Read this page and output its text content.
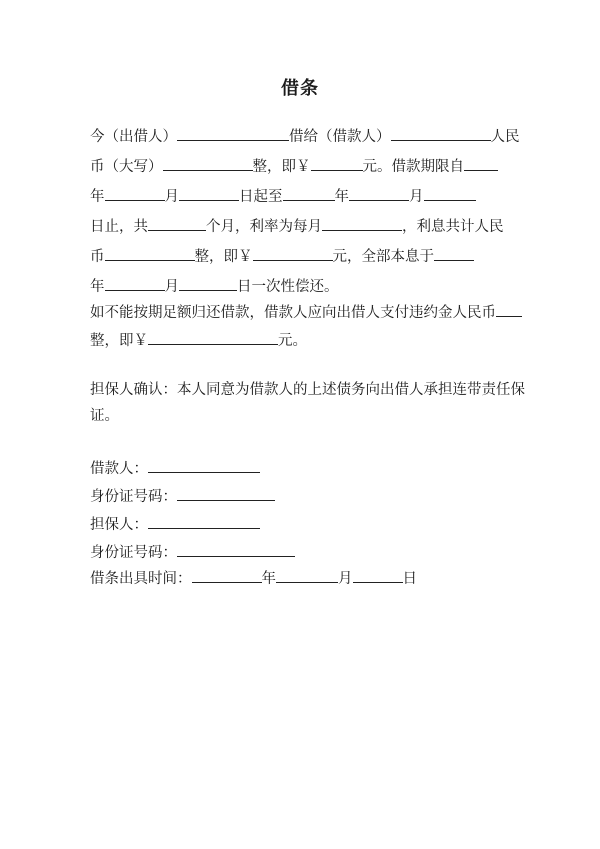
借条
今（出借人）	借给（借款人）	人民
币（大写）	整，即￥	元。借款期限自
年	月	日起至	年	月
日止，共	个月，利率为每月	，利息共计人民
币	整，即￥	元，全部本息于
年	月	日一次性偿还。
如不能按期足额归还借款，借款人应向出借人支付违约金人民币
整，即￥	元。
担保人确认：本人同意为借款人的上述债务向出借人承担连带责任保
证。
借款人：
身份证号码：
担保人：
身份证号码：
借条出具时间：	年	月	日
